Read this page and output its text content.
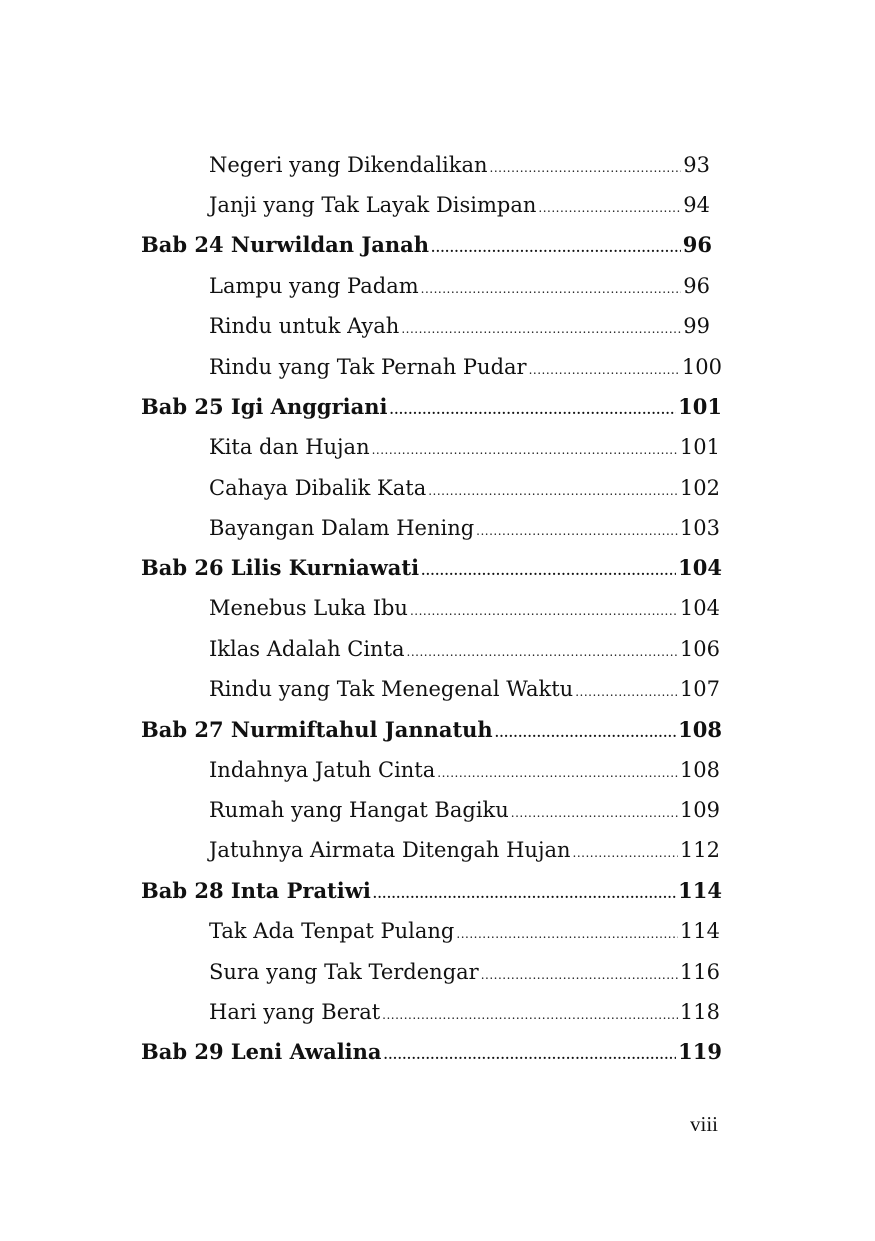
Negeri yang Dikendalikan .....	93
Janji yang Tak Layak Disimpan .....	94
Bab 24 Nurwildan Janah .....	96
Lampu yang Padam .....	96
Rindu untuk Ayah .....	99
Rindu yang Tak Pernah Pudar .....	100
Bab 25 Igi Anggriani .....	101
Kita dan Hujan .....	101
Cahaya Dibalik Kata .....	102
Bayangan Dalam Hening .....	103
Bab 26 Lilis Kurniawati .....	104
Menebus Luka Ibu .....	104
Iklas Adalah Cinta .....	106
Rindu yang Tak Menegenal Waktu .....	107
Bab 27 Nurmiftahul Jannatuh .....	108
Indahnya Jatuh Cinta .....	108
Rumah yang Hangat Bagiku .....	109
Jatuhnya Airmata Ditengah Hujan .....	112
Bab 28 Inta Pratiwi .....	114
Tak Ada Tenpat Pulang .....	114
Sura yang Tak Terdengar .....	116
Hari yang Berat .....	118
Bab 29 Leni Awalina .....	119
viii
